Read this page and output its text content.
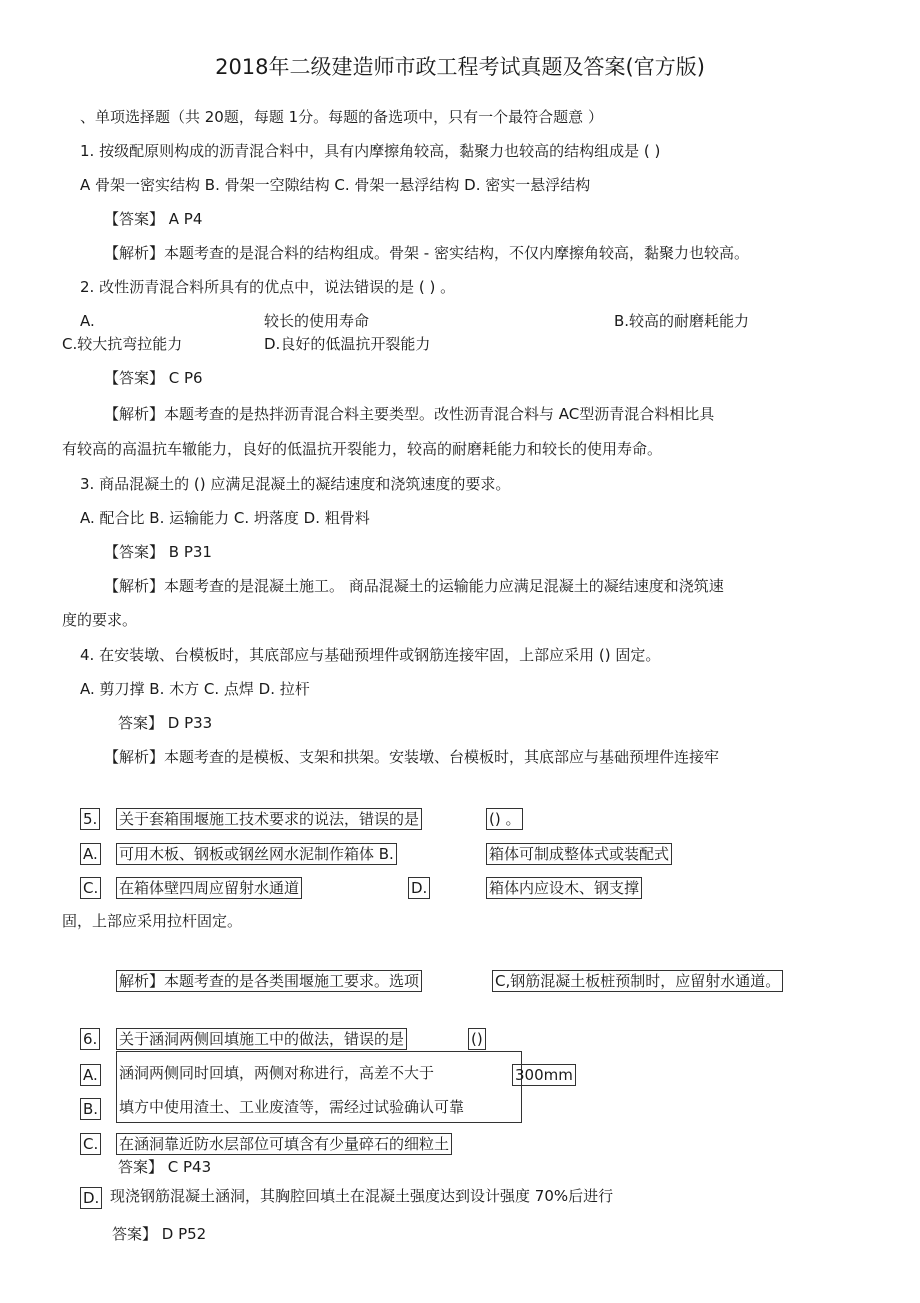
2018年二级建造师市政工程考试真题及答案(官方版)
、单项选择题（共 20题，每题 1分。每题的备选项中，只有一个最符合题意 ）
1. 按级配原则构成的沥青混合料中，具有内摩擦角较高，黏聚力也较高的结构组成是 ( )
A 骨架一密实结构 B. 骨架一空隙结构 C. 骨架一悬浮结构 D. 密实一悬浮结构
【答案】 A P4
【解析】本题考查的是混合料的结构组成。骨架 - 密实结构，不仅内摩擦角较高，黏聚力也较高。
2. 改性沥青混合料所具有的优点中，说法错误的是 ( ) 。
A.	较长的使用寿命	B.较高的耐磨耗能力
C.较大抗弯拉能力	D.良好的低温抗开裂能力
【答案】 C P6
【解析】本题考查的是热拌沥青混合料主要类型。改性沥青混合料与 AC型沥青混合料相比具
有较高的高温抗车辙能力，良好的低温抗开裂能力，较高的耐磨耗能力和较长的使用寿命。
3. 商品混凝土的 () 应满足混凝土的凝结速度和浇筑速度的要求。
A. 配合比 B. 运输能力 C. 坍落度 D. 粗骨料
【答案】 B P31
【解析】本题考查的是混凝土施工。 商品混凝土的运输能力应满足混凝土的凝结速度和浇筑速
度的要求。
4. 在安装墩、台模板时，其底部应与基础预埋件或钢筋连接牢固，上部应采用 () 固定。
A. 剪刀撑 B. 木方 C. 点焊 D. 拉杆
答案】 D P33
【解析】本题考查的是模板、支架和拱架。安装墩、台模板时，其底部应与基础预埋件连接牢
5. 关于套箱围堰施工技术要求的说法，错误的是	() 。
A. 可用木板、钢板或钢丝网水泥制作箱体 B.	箱体可制成整体式或装配式
C. 在箱体壁四周应留射水通道	D.	箱体内应设木、钢支撑
固，上部应采用拉杆固定。
解析】本题考查的是各类围堰施工要求。选项	C,钢筋混凝土板桩预制时，应留射水通道。
6. 关于涵洞两侧回填施工中的做法，错误的是	()
A. 涵洞两侧同时回填，两侧对称进行，高差不大于	300mm
B. 填方中使用渣土、工业废渣等，需经过试验确认可靠
C. 在涵洞靠近防水层部位可填含有少量碎石的细粒土
答案】 C P43
D. 现浇钢筋混凝土涵洞，其胸腔回填土在混凝土强度达到设计强度 70%后进行
答案】 D P52
